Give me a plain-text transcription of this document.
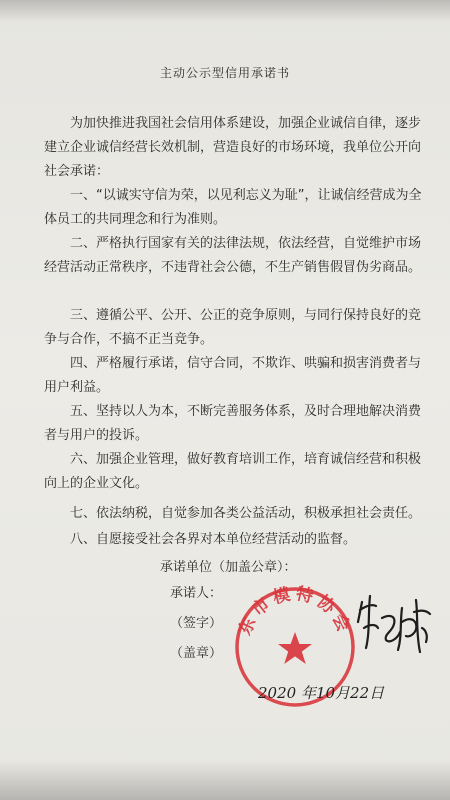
主动公示型信用承诺书
为加快推进我国社会信用体系建设，加强企业诚信自律，逐步建立企业诚信经营长效机制，营造良好的市场环境，我单位公开向社会承诺：
一、“以诚实守信为荣，以见利忘义为耻”，让诚信经营成为全体员工的共同理念和行为准则。
二、严格执行国家有关的法律法规，依法经营，自觉维护市场经营活动正常秩序，不违背社会公德，不生产销售假冒伪劣商品。
三、遵循公平、公开、公正的竞争原则，与同行保持良好的竞争与合作，不搞不正当竞争。
四、严格履行承诺，信守合同，不欺诈、哄骗和损害消费者与用户利益。
五、坚持以人为本，不断完善服务体系，及时合理地解决消费者与用户的投诉。
六、加强企业管理，做好教育培训工作，培育诚信经营和积极向上的企业文化。
七、依法纳税，自觉参加各类公益活动，积极承担社会责任。
八、自愿接受社会各界对本单位经营活动的监督。
承诺单位（加盖公章）：
承诺人：
（签字）
（盖章）
东市模特协会
2020 年10月22日
